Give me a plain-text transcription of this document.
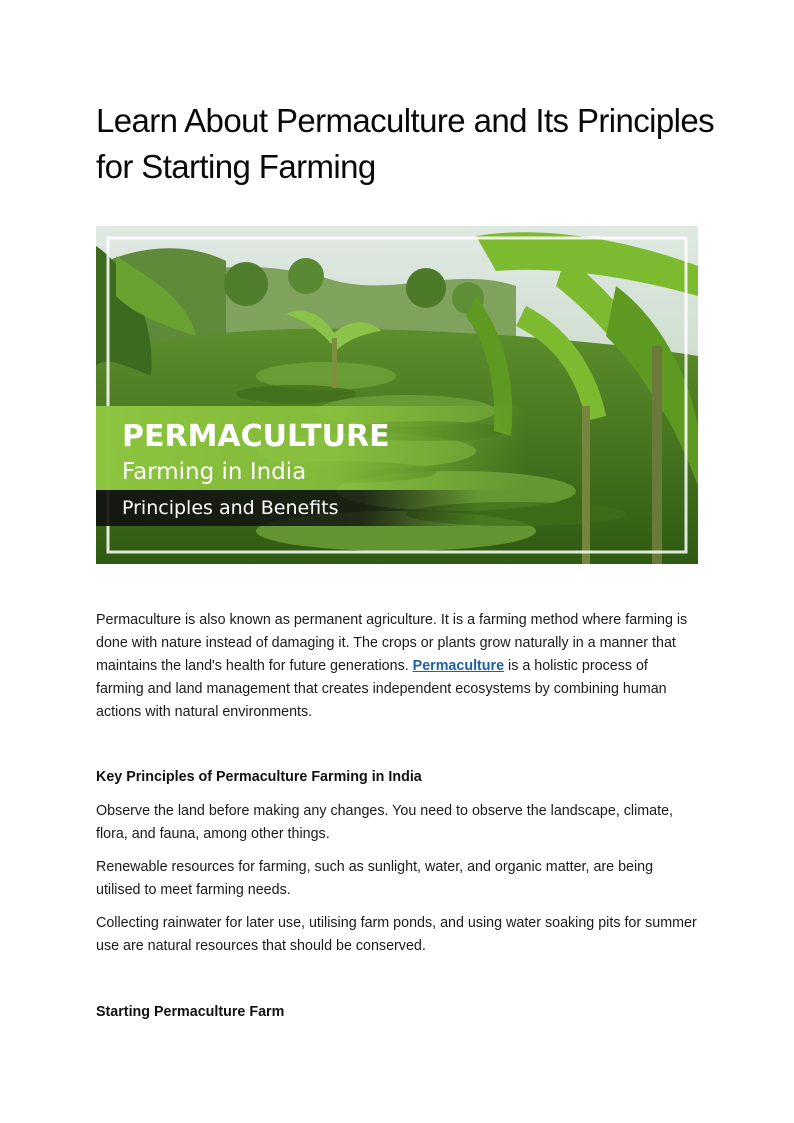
Learn About Permaculture and Its Principles for Starting Farming
PERMACULTURE
Farming in India
Principles and Benefits

Permaculture is also known as permanent agriculture. It is a farming method where farming is done with nature instead of damaging it. The crops or plants grow naturally in a manner that maintains the land's health for future generations. Permaculture is a holistic process of farming and land management that creates independent ecosystems by combining human actions with natural environments.

Key Principles of Permaculture Farming in India

Observe the land before making any changes. You need to observe the landscape, climate, flora, and fauna, among other things.

Renewable resources for farming, such as sunlight, water, and organic matter, are being utilised to meet farming needs.

Collecting rainwater for later use, utilising farm ponds, and using water soaking pits for summer use are natural resources that should be conserved.

Starting Permaculture Farm
